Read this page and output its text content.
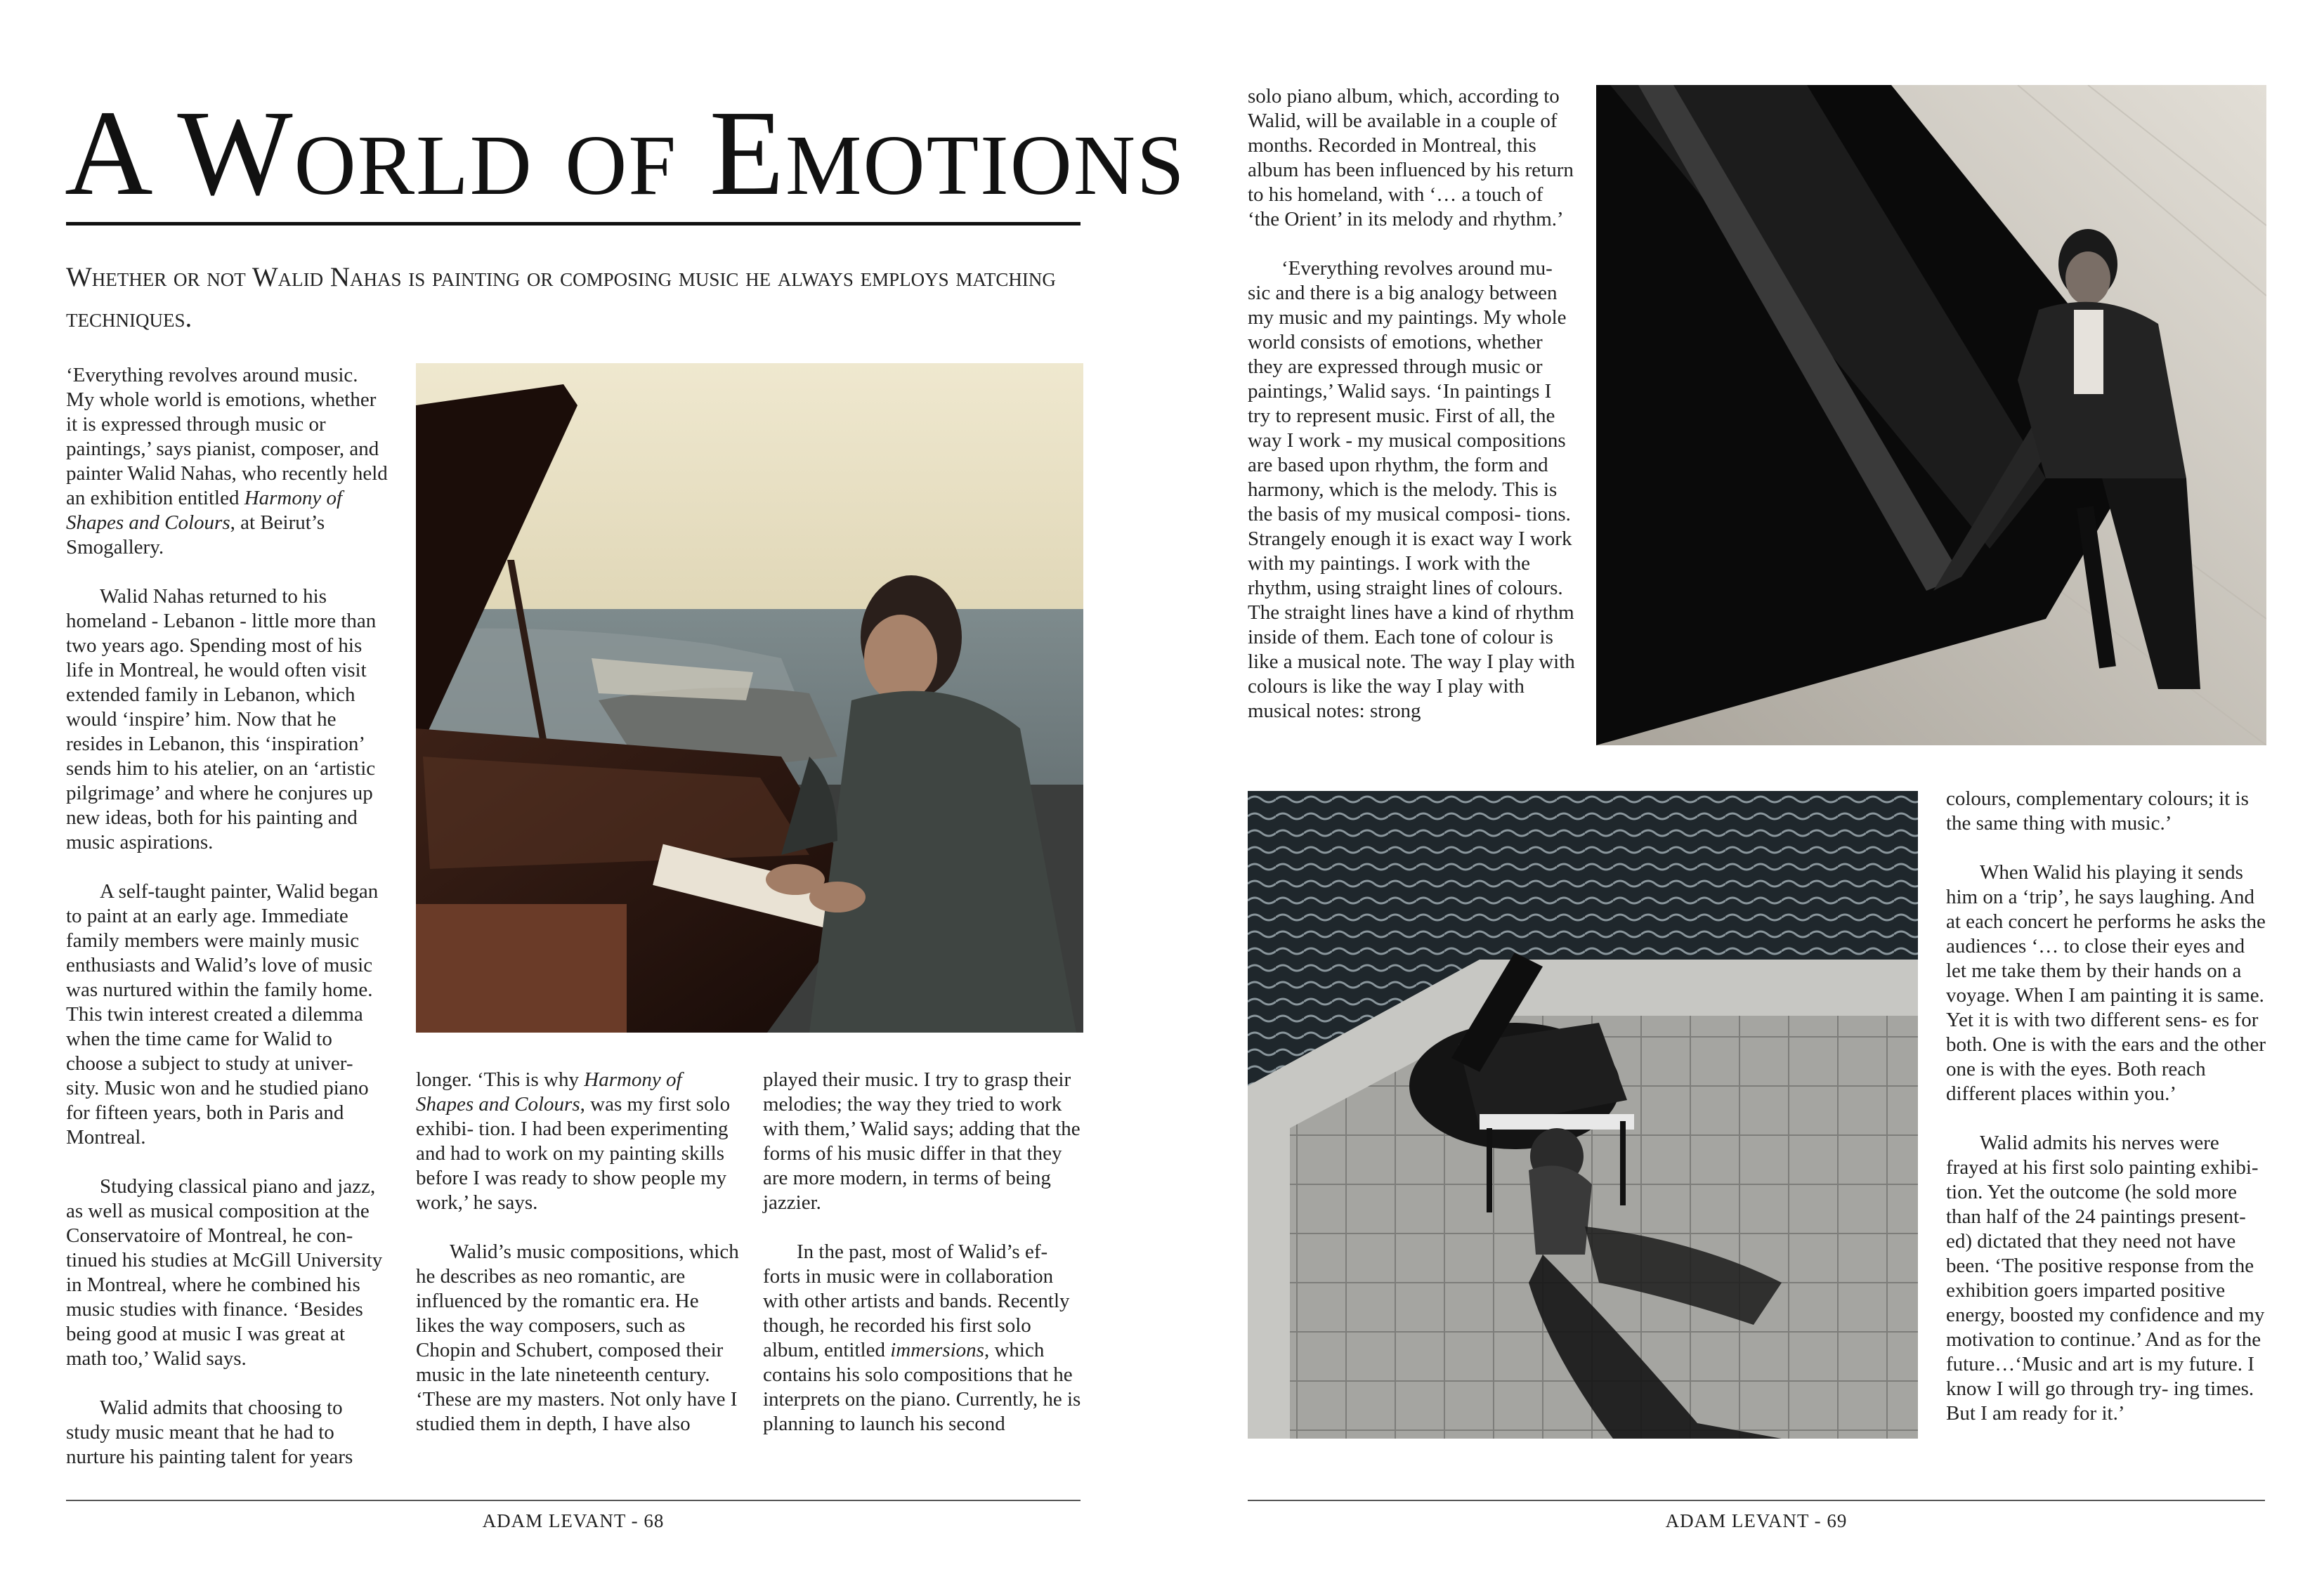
A World of Emotions
Whether or not Walid Nahas is painting or composing music he always employs matching techniques.

‘Everything revolves around music. My whole world is emotions, whether it is expressed through music or paintings,’ says pianist, composer, and painter Walid Nahas, who recently held an exhibition entitled Harmony of Shapes and Colours, at Beirut’s Smogallery.

Walid Nahas returned to his homeland - Lebanon - little more than two years ago. Spending most of his life in Montreal, he would often visit extended family in Lebanon, which would ‘inspire’ him. Now that he resides in Lebanon, this ‘inspiration’ sends him to his atelier, on an ‘artistic pilgrimage’ and where he conjures up new ideas, both for his painting and music aspirations.

A self-taught painter, Walid began to paint at an early age. Immediate family members were mainly music enthusiasts and Walid’s love of music was nurtured within the family home. This twin interest created a dilemma when the time came for Walid to choose a subject to study at univer- sity. Music won and he studied piano for fifteen years, both in Paris and Montreal.

Studying classical piano and jazz, as well as musical composition at the Conservatoire of Montreal, he con- tinued his studies at McGill University in Montreal, where he combined his music studies with finance. ‘Besides being good at music I was great at math too,’ Walid says.

Walid admits that choosing to study music meant that he had to nurture his painting talent for years

longer. ‘This is why Harmony of Shapes and Colours, was my first solo exhibi- tion. I had been experimenting and had to work on my painting skills before I was ready to show people my work,’ he says.

Walid’s music compositions, which he describes as neo romantic, are influenced by the romantic era. He likes the way composers, such as Chopin and Schubert, composed their music in the late nineteenth century. ‘These are my masters. Not only have I studied them in depth, I have also

played their music. I try to grasp their melodies; the way they tried to work with them,’ Walid says; adding that the forms of his music differ in that they are more modern, in terms of being jazzier.

In the past, most of Walid’s ef- forts in music were in collaboration with other artists and bands. Recently though, he recorded his first solo album, entitled immersions, which contains his solo compositions that he interprets on the piano. Currently, he is planning to launch his second

ADAM LEVANT - 68

solo piano album, which, according to Walid, will be available in a couple of months. Recorded in Montreal, this album has been influenced by his return to his homeland, with ‘… a touch of ‘the Orient’ in its melody and rhythm.’

‘Everything revolves around mu- sic and there is a big analogy between my music and my paintings. My whole world consists of emotions, whether they are expressed through music or paintings,’ Walid says. ‘In paintings I try to represent music. First of all, the way I work - my musical compositions are based upon rhythm, the form and harmony, which is the melody. This is the basis of my musical composi- tions. Strangely enough it is exact way I work with my paintings. I work with the rhythm, using straight lines of colours. The straight lines have a kind of rhythm inside of them. Each tone of colour is like a musical note. The way I play with colours is like the way I play with musical notes: strong

colours, complementary colours; it is the same thing with music.’

When Walid his playing it sends him on a ‘trip’, he says laughing. And at each concert he performs he asks the audiences ‘… to close their eyes and let me take them by their hands on a voyage. When I am painting it is same. Yet it is with two different sens- es for both. One is with the ears and the other one is with the eyes. Both reach different places within you.’

Walid admits his nerves were frayed at his first solo painting exhibi- tion. Yet the outcome (he sold more than half of the 24 paintings present- ed) dictated that they need not have been. ‘The positive response from the exhibition goers imparted positive energy, boosted my confidence and my motivation to continue.’ And as for the future…‘Music and art is my future. I know I will go through try- ing times. But I am ready for it.’

ADAM LEVANT - 69
